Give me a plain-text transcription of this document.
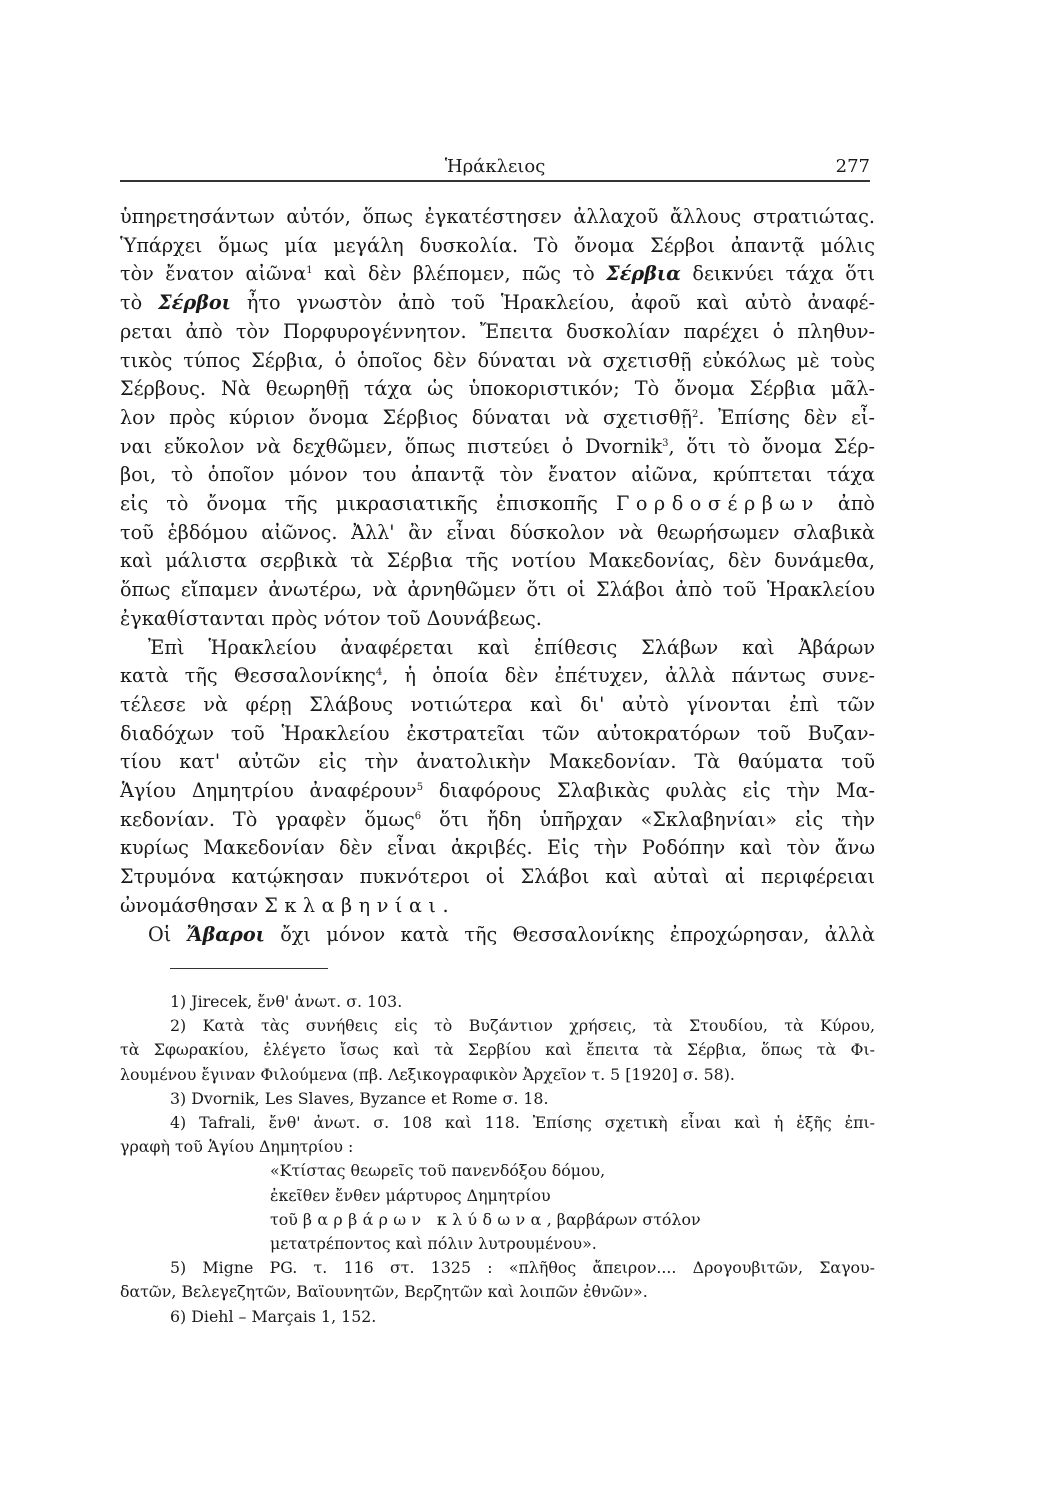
Ἡράκλειος	277
ὑπηρετησάντων αὐτόν, ὅπως ἐγκατέστησεν ἀλλαχοῦ ἄλλους στρατιώτας.
Ὑπάρχει ὅμως μία μεγάλη δυσκολία. Τὸ ὄνομα Σέρβοι ἀπαντᾷ μόλις
τὸν ἔνατον αἰῶνα$^1$ καὶ δὲν βλέπομεν, πῶς τὸ Σέρβια δεικνύει τάχα ὅτι
τὸ Σέρβοι ἦτο γνωστὸν ἀπὸ τοῦ Ἡρακλείου, ἀφοῦ καὶ αὐτὸ ἀναφέ-
ρεται ἀπὸ τὸν Πορφυρογέννητον. Ἔπειτα δυσκολίαν παρέχει ὁ πληθυν-
τικὸς τύπος Σέρβια, ὁ ὁποῖος δὲν δύναται νὰ σχετισθῇ εὐκόλως μὲ τοὺς
Σέρβους. Νὰ θεωρηθῇ τάχα ὡς ὑποκοριστικόν; Τὸ ὄνομα Σέρβια μᾶλ-
λον πρὸς κύριον ὄνομα Σέρβιος δύναται νὰ σχετισθῇ$^2$. Ἐπίσης δὲν εἶ-
ναι εὔκολον νὰ δεχθῶμεν, ὅπως πιστεύει ὁ Dvornik$^3$, ὅτι τὸ ὄνομα Σέρ-
βοι, τὸ ὁποῖον μόνον του ἀπαντᾷ τὸν ἔνατον αἰῶνα, κρύπτεται τάχα
εἰς τὸ ὄνομα τῆς μικρασιατικῆς ἐπισκοπῆς Γορδοσέρβων ἀπὸ
τοῦ ἑβδόμου αἰῶνος. Ἀλλ' ἂν εἶναι δύσκολον νὰ θεωρήσωμεν σλαβικὰ
καὶ μάλιστα σερβικὰ τὰ Σέρβια τῆς νοτίου Μακεδονίας, δὲν δυνάμεθα,
ὅπως εἴπαμεν ἀνωτέρω, νὰ ἀρνηθῶμεν ὅτι οἱ Σλάβοι ἀπὸ τοῦ Ἡρακλείου
ἐγκαθίστανται πρὸς νότον τοῦ Δουνάβεως.
Ἐπὶ Ἡρακλείου ἀναφέρεται καὶ ἐπίθεσις Σλάβων καὶ Ἀβάρων
κατὰ τῆς Θεσσαλονίκης$^4$, ἡ ὁποία δὲν ἐπέτυχεν, ἀλλὰ πάντως συνε-
τέλεσε νὰ φέρῃ Σλάβους νοτιώτερα καὶ δι' αὐτὸ γίνονται ἐπὶ τῶν
διαδόχων τοῦ Ἡρακλείου ἐκστρατεῖαι τῶν αὐτοκρατόρων τοῦ Βυζαν-
τίου κατ' αὐτῶν εἰς τὴν ἀνατολικὴν Μακεδονίαν. Τὰ θαύματα τοῦ
Ἁγίου Δημητρίου ἀναφέρουν$^5$ διαφόρους Σλαβικὰς φυλὰς εἰς τὴν Μα-
κεδονίαν. Τὸ γραφὲν ὅμως$^6$ ὅτι ἤδη ὑπῆρχαν «Σκλαβηνίαι» εἰς τὴν
κυρίως Μακεδονίαν δὲν εἶναι ἀκριβές. Εἰς τὴν Ροδόπην καὶ τὸν ἄνω
Στρυμόνα κατῴκησαν πυκνότεροι οἱ Σλάβοι καὶ αὐταὶ αἱ περιφέρειαι
ὠνομάσθησαν Σκλαβηνίαι.
Οἱ Ἄβαροι ὄχι μόνον κατὰ τῆς Θεσσαλονίκης ἐπροχώρησαν, ἀλλὰ
1) Jirecek, ἔνθ' ἀνωτ. σ. 103.
2) Κατὰ τὰς συνήθεις εἰς τὸ Βυζάντιον χρήσεις, τὰ Στουδίου, τὰ Κύρου,
τὰ Σφωρακίου, ἐλέγετο ἴσως καὶ τὰ Σερβίου καὶ ἔπειτα τὰ Σέρβια, ὅπως τὰ Φι-
λουμένου ἔγιναν Φιλούμενα (πβ. Λεξικογραφικὸν Ἀρχεῖον τ. 5 [1920] σ. 58).
3) Dvornik, Les Slaves, Byzance et Rome σ. 18.
4) Tafrali, ἔνθ' ἀνωτ. σ. 108 καὶ 118. Ἐπίσης σχετικὴ εἶναι καὶ ἡ ἑξῆς ἐπι-
γραφὴ τοῦ Ἁγίου Δημητρίου :
«Κτίστας θεωρεῖς τοῦ πανενδόξου δόμου,
ἐκεῖθεν ἔνθεν μάρτυρος Δημητρίου
τοῦ βαρβάρων κλύδωνα, βαρβάρων στόλον
μετατρέποντος καὶ πόλιν λυτρουμένου».
5) Migne PG. τ. 116 στ. 1325 : «πλῆθος ἄπειρον.... Δρογουβιτῶν, Σαγου-
δατῶν, Βελεγεζητῶν, Βαϊουνητῶν, Βερζητῶν καὶ λοιπῶν ἐθνῶν».
6) Diehl – Marçais 1, 152.
